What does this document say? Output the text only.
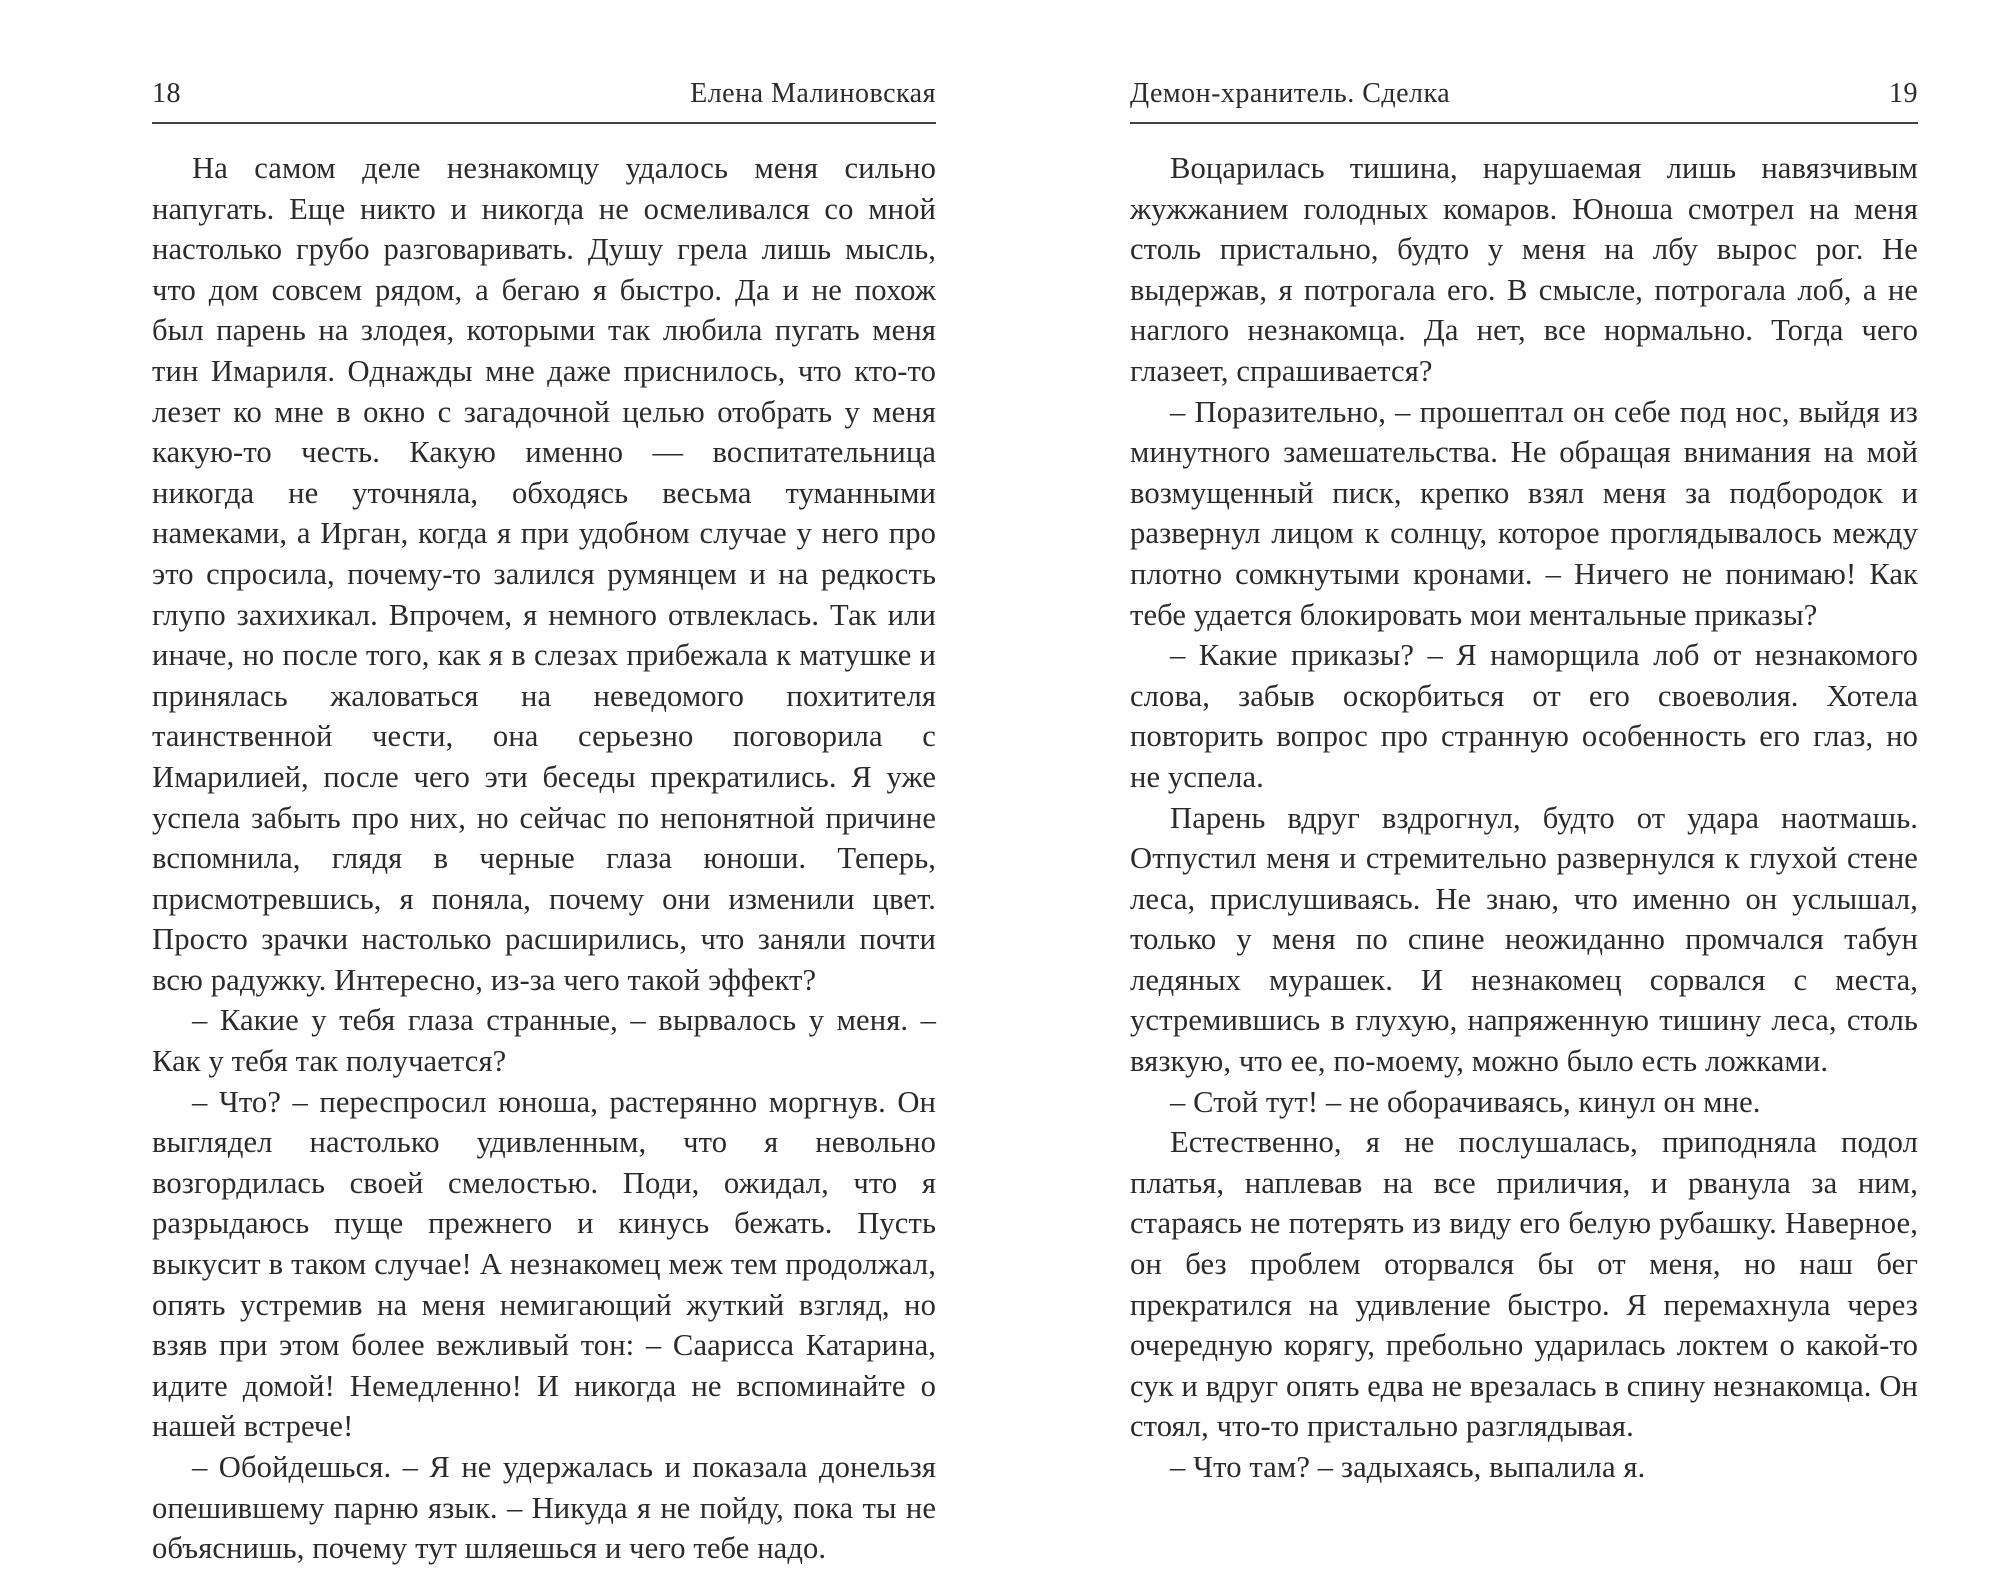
18	Елена Малиновская

На самом деле незнакомцу удалось меня сильно напугать. Еще никто и никогда не осмеливался со мной настолько грубо разговаривать. Душу грела лишь мысль, что дом совсем рядом, а бегаю я быстро. Да и не похож был парень на злодея, которыми так любила пугать меня тин Имариля. Однажды мне даже приснилось, что кто-то лезет ко мне в окно с загадочной целью отобрать у меня какую-то честь. Какую именно — воспитательница никогда не уточняла, обходясь весьма туманными намеками, а Ирган, когда я при удобном случае у него про это спросила, почему-то залился румянцем и на редкость глупо захихикал. Впрочем, я немного отвлеклась. Так или иначе, но после того, как я в слезах прибежала к матушке и принялась жаловаться на неведомого похитителя таинственной чести, она серьезно поговорила с Имарилией, после чего эти беседы прекратились. Я уже успела забыть про них, но сейчас по непонятной причине вспомнила, глядя в черные глаза юноши. Теперь, присмотревшись, я поняла, почему они изменили цвет. Просто зрачки настолько расширились, что заняли почти всю радужку. Интересно, из-за чего такой эффект?

– Какие у тебя глаза странные, – вырвалось у меня. – Как у тебя так получается?

– Что? – переспросил юноша, растерянно моргнув. Он выглядел настолько удивленным, что я невольно возгордилась своей смелостью. Поди, ожидал, что я разрыдаюсь пуще прежнего и кинусь бежать. Пусть выкусит в таком случае! А незнакомец меж тем продолжал, опять устремив на меня немигающий жуткий взгляд, но взяв при этом более вежливый тон: – Саарисса Катарина, идите домой! Немедленно! И никогда не вспоминайте о нашей встрече!

– Обойдешься. – Я не удержалась и показала донельзя опешившему парню язык. – Никуда я не пойду, пока ты не объяснишь, почему тут шляешься и чего тебе надо.

Демон-хранитель. Сделка	19

Воцарилась тишина, нарушаемая лишь навязчивым жужжанием голодных комаров. Юноша смотрел на меня столь пристально, будто у меня на лбу вырос рог. Не выдержав, я потрогала его. В смысле, потрогала лоб, а не наглого незнакомца. Да нет, все нормально. Тогда чего глазеет, спрашивается?

– Поразительно, – прошептал он себе под нос, выйдя из минутного замешательства. Не обращая внимания на мой возмущенный писк, крепко взял меня за подбородок и развернул лицом к солнцу, которое проглядывалось между плотно сомкнутыми кронами. – Ничего не понимаю! Как тебе удается блокировать мои ментальные приказы?

– Какие приказы? – Я наморщила лоб от незнакомого слова, забыв оскорбиться от его своеволия. Хотела повторить вопрос про странную особенность его глаз, но не успела.

Парень вдруг вздрогнул, будто от удара наотмашь. Отпустил меня и стремительно развернулся к глухой стене леса, прислушиваясь. Не знаю, что именно он услышал, только у меня по спине неожиданно промчался табун ледяных мурашек. И незнакомец сорвался с места, устремившись в глухую, напряженную тишину леса, столь вязкую, что ее, по-моему, можно было есть ложками.

– Стой тут! – не оборачиваясь, кинул он мне.

Естественно, я не послушалась, приподняла подол платья, наплевав на все приличия, и рванула за ним, стараясь не потерять из виду его белую рубашку. Наверное, он без проблем оторвался бы от меня, но наш бег прекратился на удивление быстро. Я перемахнула через очередную корягу, пребольно ударилась локтем о какой-то сук и вдруг опять едва не врезалась в спину незнакомца. Он стоял, что-то пристально разглядывая.

– Что там? – задыхаясь, выпалила я.
